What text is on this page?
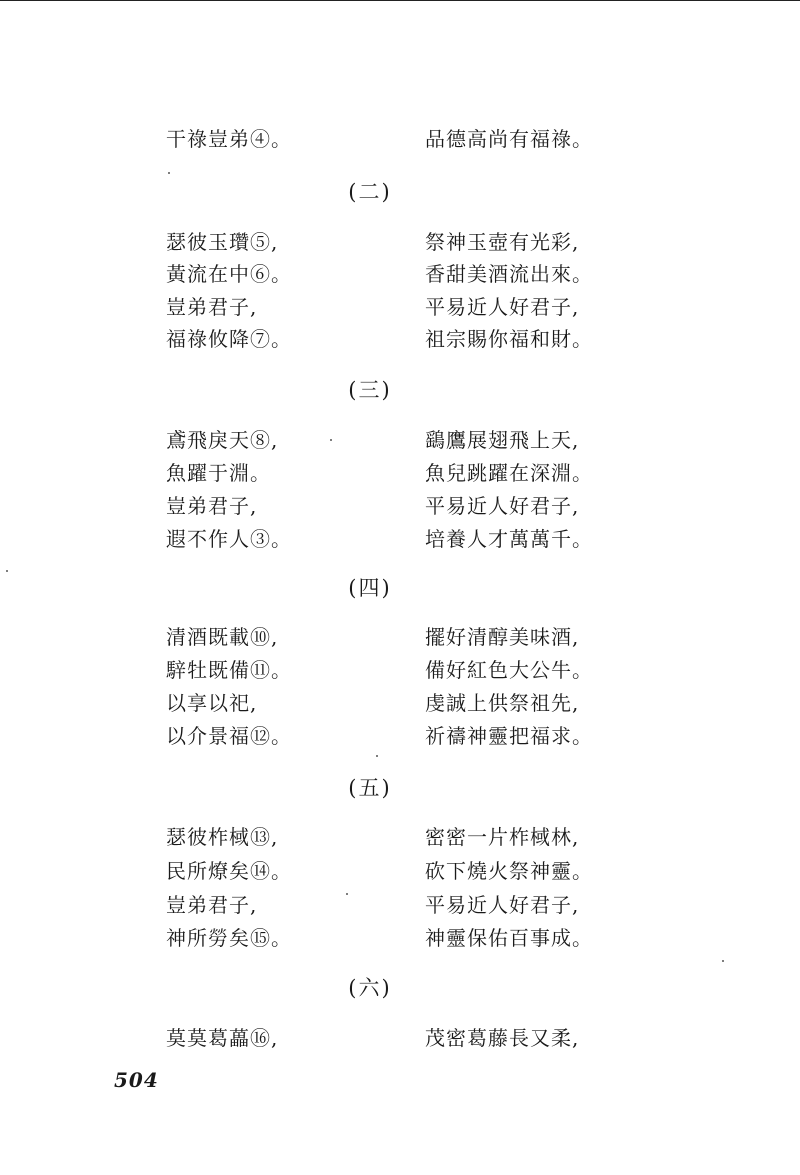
干祿豈弟④。	品德高尚有福祿。
(二)
瑟彼玉瓚⑤,	祭神玉壺有光彩,
黃流在中⑥。	香甜美酒流出來。
豈弟君子,	平易近人好君子,
福祿攸降⑦。	祖宗賜你福和財。
(三)
鳶飛戾天⑧,	鷂鷹展翅飛上天,
魚躍于淵。	魚兒跳躍在深淵。
豈弟君子,	平易近人好君子,
遐不作人③。	培養人才萬萬千。
(四)
清酒既載⑩,	擺好清醇美味酒,
騂牡既備⑪。	備好紅色大公牛。
以享以祀,	虔誠上供祭祖先,
以介景福⑫。	祈禱神靈把福求。
(五)
瑟彼柞棫⑬,	密密一片柞棫林,
民所燎矣⑭。	砍下燒火祭神靈。
豈弟君子,	平易近人好君子,
神所勞矣⑮。	神靈保佑百事成。
(六)
莫莫葛藟⑯,	茂密葛藤長又柔,
504
